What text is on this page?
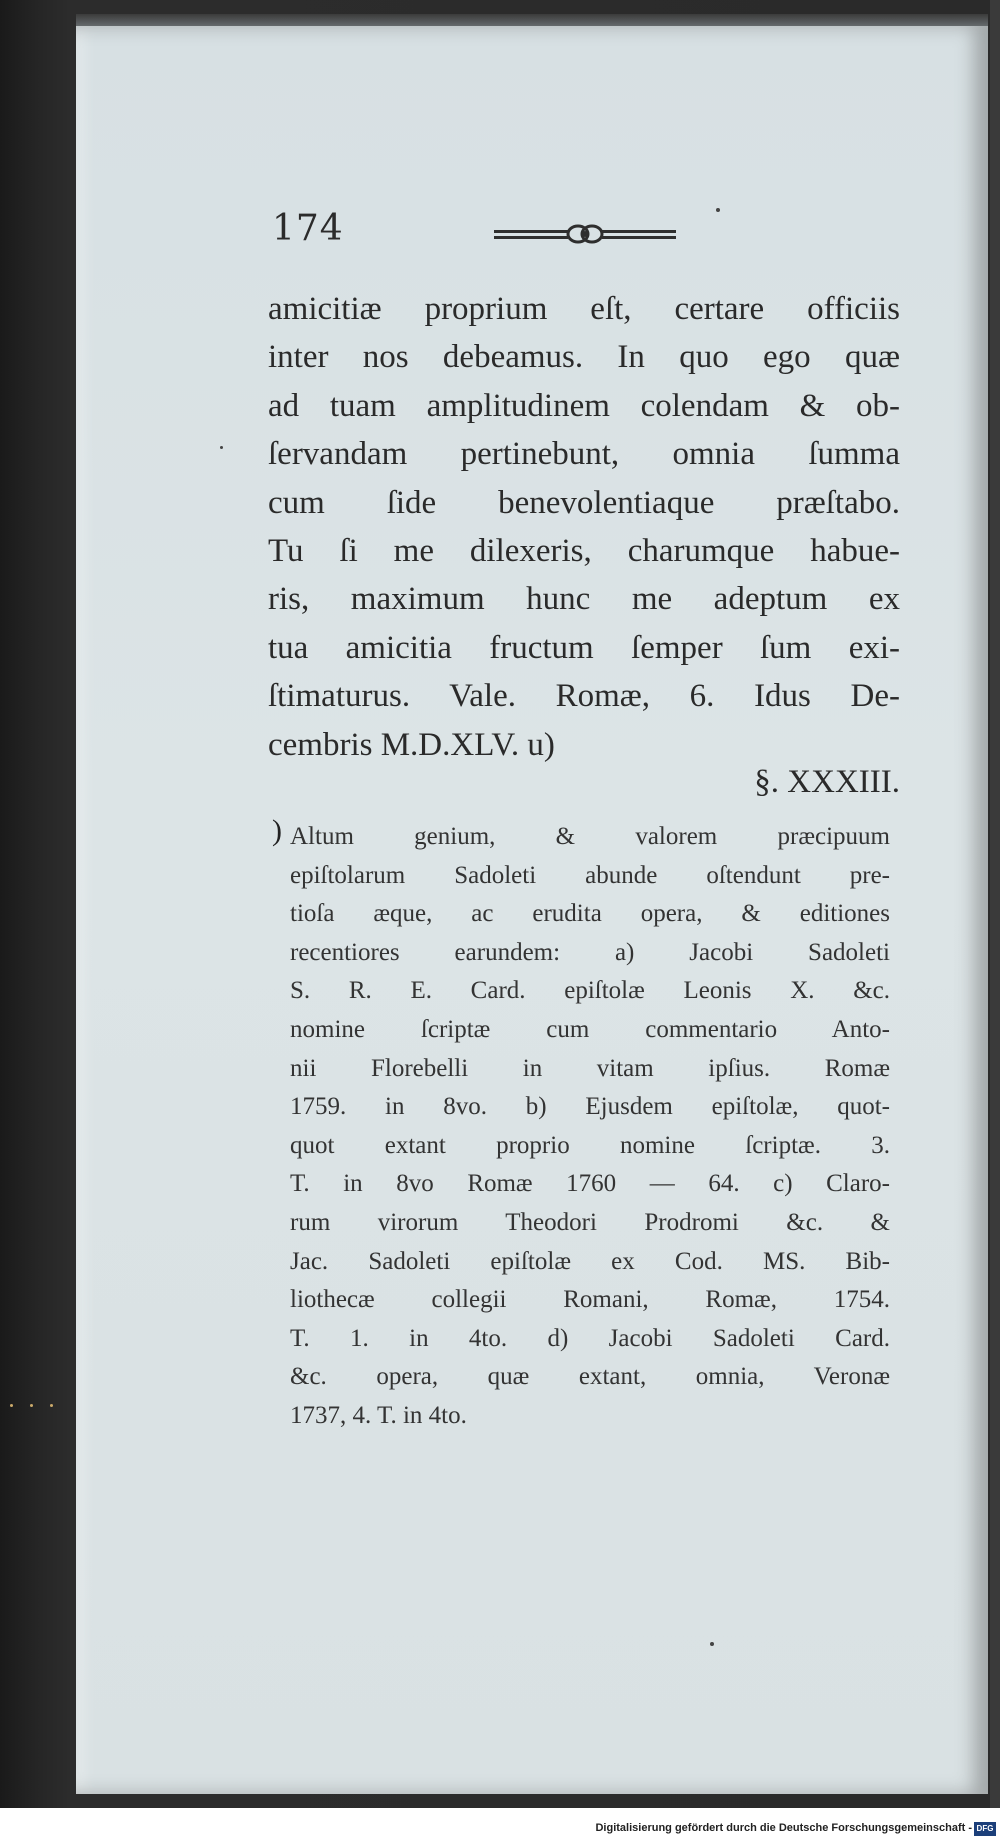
174
amicitiæ proprium eſt, certare officiis
inter nos debeamus. In quo ego quæ
ad tuam amplitudinem colendam & ob-
ſervandam pertinebunt, omnia ſumma
cum ſide benevolentiaque præſtabo.
Tu ſi me dilexeris, charumque habue-
ris, maximum hunc me adeptum ex
tua amicitia fructum ſemper ſum exi-
ſtimaturus. Vale. Romæ, 6. Idus De-
cembris M.D.XLV. u)
§. XXXIII.
) Altum genium, & valorem præcipuum
epiſtolarum Sadoleti abunde oſtendunt pre-
tioſa æque, ac erudita opera, & editiones
recentiores earundem: a) Jacobi Sadoleti
S. R. E. Card. epiſtolæ Leonis X. &c.
nomine ſcriptæ cum commentario Anto-
nii Florebelli in vitam ipſius. Romæ
1759. in 8vo. b) Ejusdem epiſtolæ, quot-
quot extant proprio nomine ſcriptæ. 3.
T. in 8vo Romæ 1760 — 64. c) Claro-
rum virorum Theodori Prodromi &c. &
Jac. Sadoleti epiſtolæ ex Cod. MS. Bib-
liothecæ collegii Romani, Romæ, 1754.
T. 1. in 4to. d) Jacobi Sadoleti Card.
&c. opera, quæ extant, omnia, Veronæ
1737, 4. T. in 4to.
Digitalisierung gefördert durch die Deutsche Forschungsgemeinschaft - DFG
